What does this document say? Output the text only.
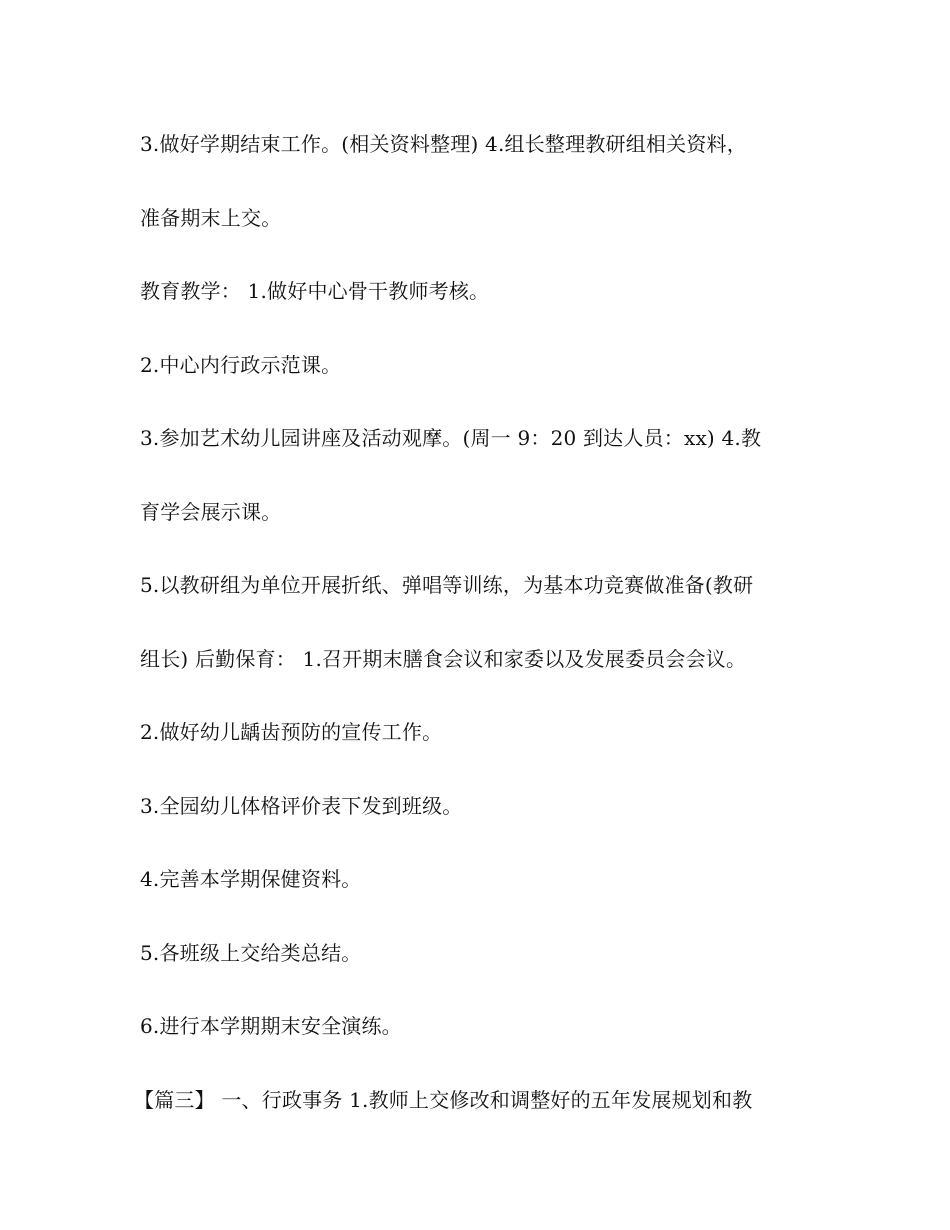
3.做好学期结束工作。(相关资料整理) 4.组长整理教研组相关资料，
准备期末上交。
教育教学： 1.做好中心骨干教师考核。
2.中心内行政示范课。
3.参加艺术幼儿园讲座及活动观摩。(周一 9：20 到达人员：xx) 4.教
育学会展示课。
5.以教研组为单位开展折纸、弹唱等训练，为基本功竞赛做准备(教研
组长) 后勤保育： 1.召开期末膳食会议和家委以及发展委员会会议。
2.做好幼儿龋齿预防的宣传工作。
3.全园幼儿体格评价表下发到班级。
4.完善本学期保健资料。
5.各班级上交给类总结。
6.进行本学期期末安全演练。
【篇三】 一、行政事务 1.教师上交修改和调整好的五年发展规划和教
